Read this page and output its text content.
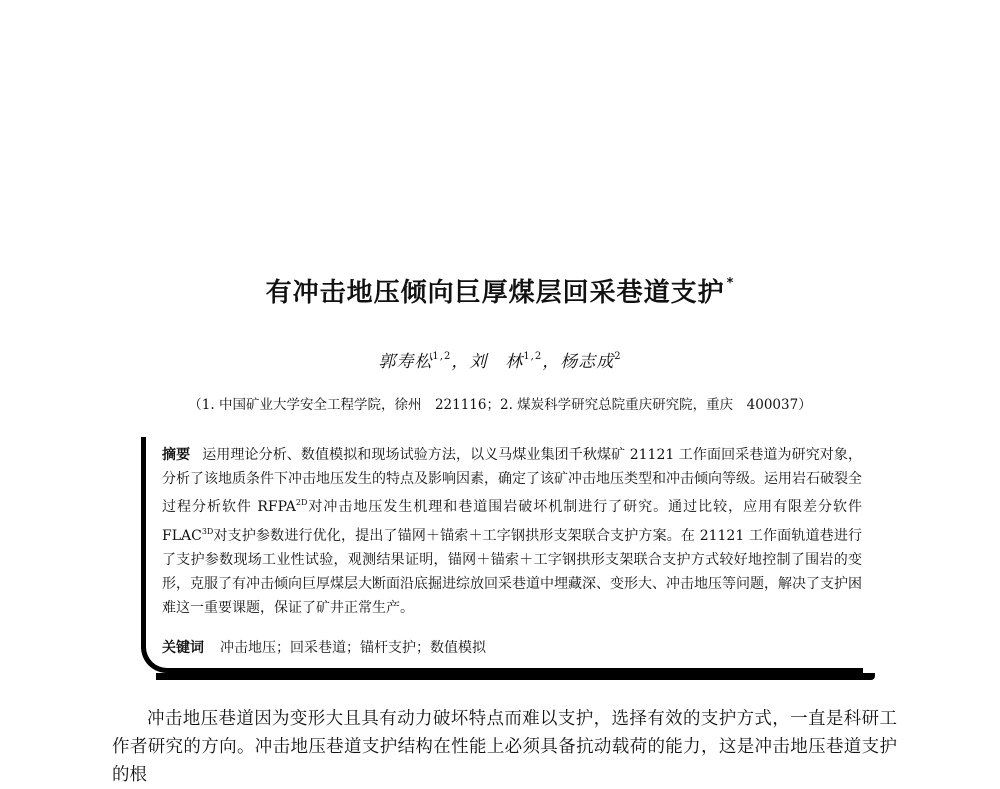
有冲击地压倾向巨厚煤层回采巷道支护 *
郭寿松$^{1,2}$，刘　林$^{1,2}$，杨志成$^2$
（1. 中国矿业大学安全工程学院，徐州　221116；2. 煤炭科学研究总院重庆研究院，重庆　400037）
摘要 运用理论分析、数值模拟和现场试验方法，以义马煤业集团千秋煤矿 21121 工作面回采巷道为研究对象，分析了该地质条件下冲击地压发生的特点及影响因素，确定了该矿冲击地压类型和冲击倾向等级。运用岩石破裂全过程分析软件 $RFPA^{2D}$对冲击地压发生机理和巷道围岩破坏机制进行了研究。通过比较，应用有限差分软件 $FLAC^{3D}$对支护参数进行优化，提出了锚网＋锚索＋工字钢拱形支架联合支护方案。在 21121 工作面轨道巷进行了支护参数现场工业性试验，观测结果证明，锚网＋锚索＋工字钢拱形支架联合支护方式较好地控制了围岩的变形，克服了有冲击倾向巨厚煤层大断面沿底掘进综放回采巷道中埋藏深、变形大、冲击地压等问题，解决了支护困难这一重要课题，保证了矿井正常生产。
关键词 冲击地压；回采巷道；锚杆支护；数值模拟
冲击地压巷道因为变形大且具有动力破坏特点而难以支护，选择有效的支护方式，一直是科研工作者研究的方向。冲击地压巷道支护结构在性能上必须具备抗动载荷的能力，这是冲击地压巷道支护的根
